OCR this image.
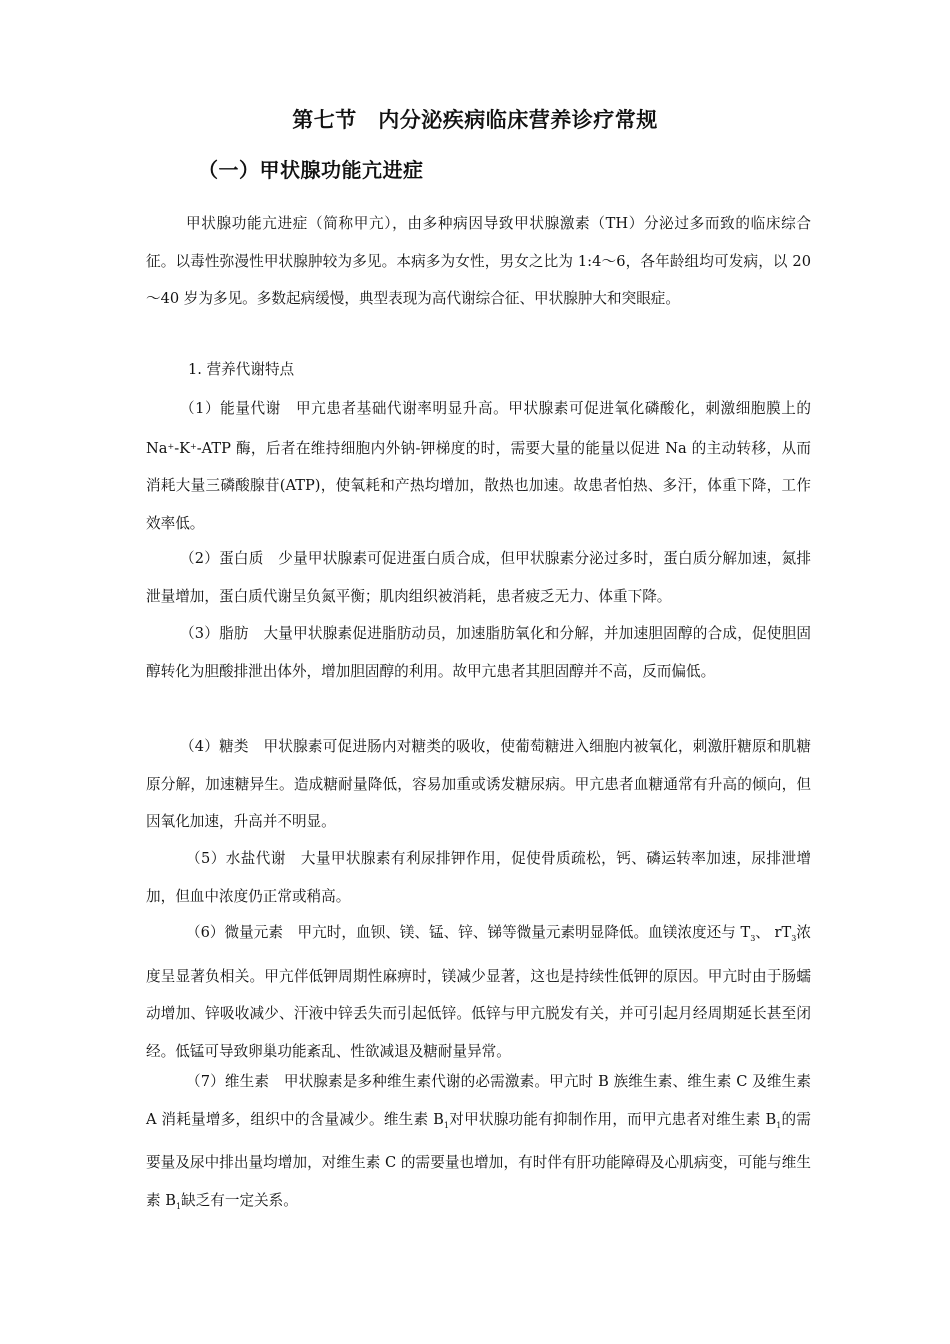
第七节　内分泌疾病临床营养诊疗常规
（一）甲状腺功能亢进症

甲状腺功能亢进症（简称甲亢），由多种病因导致甲状腺激素（TH）分泌过多而致的临床综合征。以毒性弥漫性甲状腺肿较为多见。本病多为女性，男女之比为 1:4～6，各年龄组均可发病，以 20～40 岁为多见。多数起病缓慢，典型表现为高代谢综合征、甲状腺肿大和突眼症。

1. 营养代谢特点

（1）能量代谢　甲亢患者基础代谢率明显升高。甲状腺素可促进氧化磷酸化，刺激细胞膜上的 Na+-K+-ATP 酶，后者在维持细胞内外钠-钾梯度的时，需要大量的能量以促进 Na 的主动转移，从而消耗大量三磷酸腺苷(ATP)，使氧耗和产热均增加，散热也加速。故患者怕热、多汗，体重下降，工作效率低。

（2）蛋白质　少量甲状腺素可促进蛋白质合成，但甲状腺素分泌过多时，蛋白质分解加速，氮排泄量增加，蛋白质代谢呈负氮平衡；肌肉组织被消耗，患者疲乏无力、体重下降。

（3）脂肪　大量甲状腺素促进脂肪动员，加速脂肪氧化和分解，并加速胆固醇的合成，促使胆固醇转化为胆酸排泄出体外，增加胆固醇的利用。故甲亢患者其胆固醇并不高，反而偏低。

（4）糖类　甲状腺素可促进肠内对糖类的吸收，使葡萄糖进入细胞内被氧化，刺激肝糖原和肌糖原分解，加速糖异生。造成糖耐量降低，容易加重或诱发糖尿病。甲亢患者血糖通常有升高的倾向，但因氧化加速，升高并不明显。

（5）水盐代谢　大量甲状腺素有利尿排钾作用，促使骨质疏松，钙、磷运转率加速，尿排泄增加，但血中浓度仍正常或稍高。

（6）微量元素　甲亢时，血钡、镁、锰、锌、锑等微量元素明显降低。血镁浓度还与 $T_3$、 $rT_3$浓度呈显著负相关。甲亢伴低钾周期性麻痹时，镁减少显著，这也是持续性低钾的原因。甲亢时由于肠蠕动增加、锌吸收减少、汗液中锌丢失而引起低锌。低锌与甲亢脱发有关，并可引起月经周期延长甚至闭经。低锰可导致卵巢功能紊乱、性欲减退及糖耐量异常。

（7）维生素　甲状腺素是多种维生素代谢的必需激素。甲亢时 B 族维生素、维生素 C 及维生素 A 消耗量增多，组织中的含量减少。维生素 $B_1$对甲状腺功能有抑制作用，而甲亢患者对维生素 $B_1$的需要量及尿中排出量均增加，对维生素 C 的需要量也增加，有时伴有肝功能障碍及心肌病变，可能与维生素 $B_1$缺乏有一定关系。
